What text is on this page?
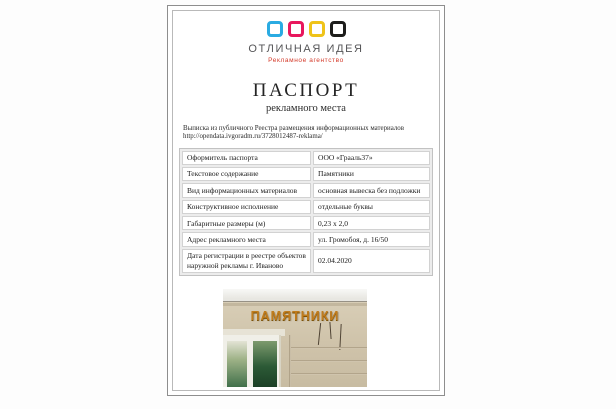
ОТЛИЧНАЯ ИДЕЯ
Рекламное агентство
ПАСПОРТ
рекламного места
Выписка из публичного Реестра размещения информационных материалов
http://opendata.ivgoradm.ru/3728012487-reklama/
Оформитель паспорта	ООО «Грааль37»
Текстовое содержание	Памятники
Вид информационных материалов	основная вывеска без подложки
Конструктивное исполнение	отдельные буквы
Габаритные размеры (м)	0,23 х 2,0
Адрес рекламного места	ул. Громобоя, д. 16/50
Дата регистрации в реестре объектов наружной рекламы г. Иваново	02.04.2020
ПАМЯТНИКИ
